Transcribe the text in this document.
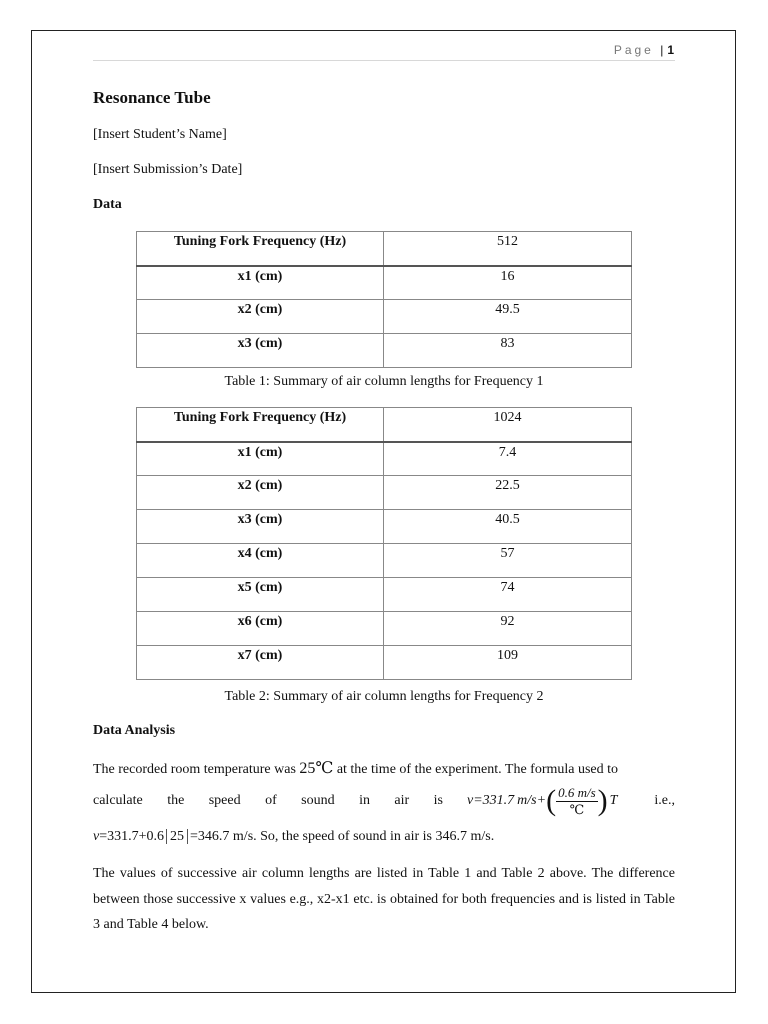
Page | 1
Resonance Tube
[Insert Student’s Name]
[Insert Submission’s Date]
Data
Tuning Fork Frequency (Hz)	512
x1 (cm)	16
x2 (cm)	49.5
x3 (cm)	83
Table 1: Summary of air column lengths for Frequency 1
Tuning Fork Frequency (Hz)	1024
x1 (cm)	7.4
x2 (cm)	22.5
x3 (cm)	40.5
x4 (cm)	57
x5 (cm)	74
x6 (cm)	92
x7 (cm)	109
Table 2: Summary of air column lengths for Frequency 2
Data Analysis
The recorded room temperature was 25℃ at the time of the experiment. The formula used to
calculate the speed of sound in air is v=331.7 m/s+ ( $\frac{0.6 m/s}{℃}$ ) T	i.e.,
v=331.7+0.6 25 =346.7 m/s. So, the speed of sound in air is 346.7 m/s.
The values of successive air column lengths are listed in Table 1 and Table 2 above. The difference between those successive x values e.g., x2-x1 etc. is obtained for both frequencies and is listed in Table 3 and Table 4 below.
